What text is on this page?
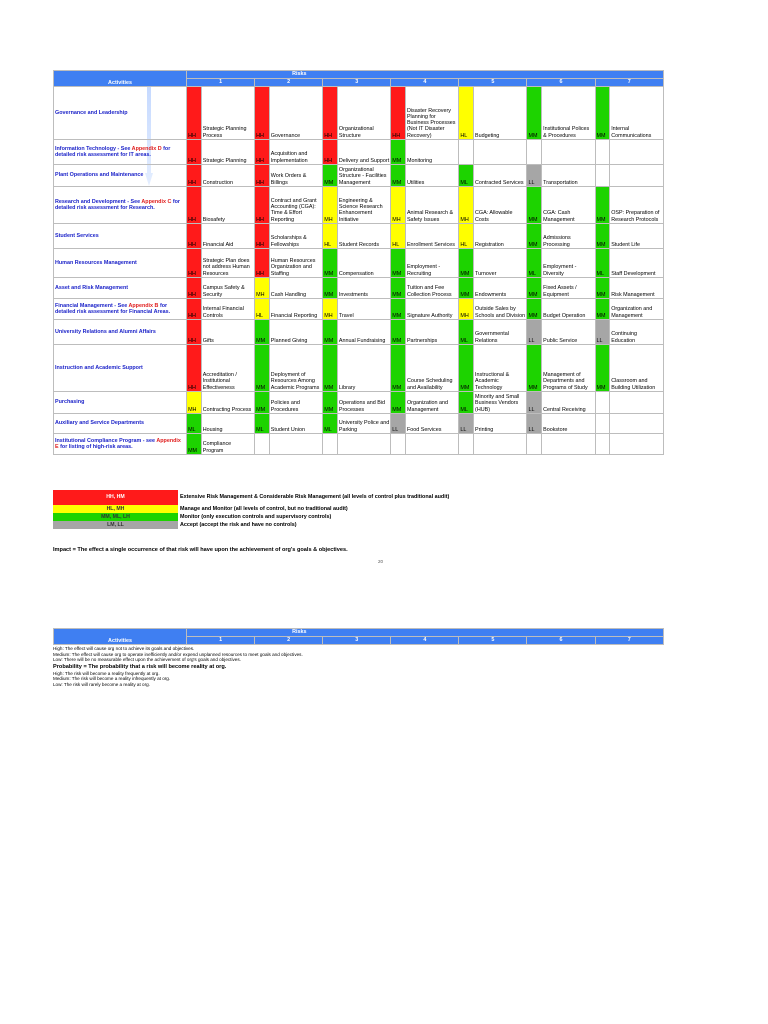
Activities	Risks													
	1		2		3		4		5		6		7	
Governance and Leadership	HH	Strategic Planning Process	HH	Governance	HH	Organizational Structure	HH	Disaster Recovery Planning for Business Processes (Not IT Disaster Recovery)	HL	Budgeting	MM	Institutional Polices & Procedures	MM	Internal Communications
Information Technology - See Appendix D for detailed risk assessment for IT areas.	HH	Strategic Planning	HH	Acquisition and Implementation	HH	Delivery and Support	MM	Monitoring						
Plant Operations and Maintenance	HH	Construction	HH	Work Orders & Billings	MM	Organizational Structure - Facilities Management	MM	Utilities	ML	Contracted Services	LL	Transportation		
Research and Development - See Appendix C for detailed risk assessment for Research.	HH	Biosafety	HH	Contract and Grant Accounting (CGA): Time & Effort Reporting	MH	Engineering & Science Research Enhancement Initiative	MH	Animal Research & Safety Issues	MH	CGA: Allowable Costs	MM	CGA: Cash Management	MM	OSP: Preparation of Research Protocols
Student Services	HH	Financial Aid	HH	Scholarships & Fellowships	HL	Student Records	HL	Enrollment Services	HL	Registration	MM	Admissions Processing	MM	Student Life
Human Resources Management	HH	Strategic Plan does not address Human Resources	HH	Human Resources Organization and Staffing	MM	Compensation	MM	Employment - Recruiting	MM	Turnover	ML	Employment - Diversity	ML	Staff Development
Asset and Risk Management	HH	Campus Safety & Security	MH	Cash Handling	MM	Investments	MM	Tuition and Fee Collection Process	MM	Endowments	MM	Fixed Assets / Equipment	MM	Risk Management
Financial Management - See Appendix B for detailed risk assessment for Financial Areas.	HH	Internal Financial Controls	HL	Financial Reporting	MH	Travel	MM	Signature Authority	MH	Outside Sales by Schools and Division	MM	Budget Operation	MM	Organization and Management
University Relations and Alumni Affairs	HH	Gifts	MM	Planned Giving	MM	Annual Fundraising	MM	Partnerships	ML	Governmental Relations	LL	Public Service	LL	Continuing Education
Instruction and Academic Support	HH	Accreditation / Institutional Effectiveness	MM	Deployment of Resources Among Academic Programs	MM	Library	MM	Course Scheduling and Availability	MM	Instructional & Academic Technology	MM	Management of Departments and Programs of Study	MM	Classroom and Building Utilization
Purchasing	MH	Contracting Process	MM	Policies and Procedures	MM	Operations and Bid Processes	MM	Organization and Management	ML	Minority and Small Business Vendors (HUB)	LL	Central Receiving		
Auxiliary and Service Departments	ML	Housing	ML	Student Union	ML	University Police and Parking	LL	Food Services	LL	Printing	LL	Bookstore		
Institutional Compliance Program - see Appendix E for listing of high-risk areas.	MM	Compliance Program												
HH, HM	Extensive Risk Management & Considerable Risk Management (all levels of control plus traditional audit)
HL, MH	Manage and Monitor (all levels of control, but no traditional audit)
MM, ML, LH	Monitor (only execution controls and supervisory controls)
LM, LL	Accept (accept the risk and have no controls)
Impact = The effect a single occurrence of that risk will have upon the achievement of org's goals & objectives.
20
Activities	Risks						
	1	2	3	4	5	6	7
High: The effect will cause org not to achieve its goals and objectives.
Medium: The effect will cause org to operate inefficiently and/or expend unplanned resources to meet goals and objectives.
Low: There will be no measurable effect upon the achievement of org's goals and objectives.
Probability = The probability that a risk will become reality at org.
High: The risk will become a reality frequently at org.
Medium: The risk will become a reality infrequently at org.
Low: The risk will rarely become a reality at org.
